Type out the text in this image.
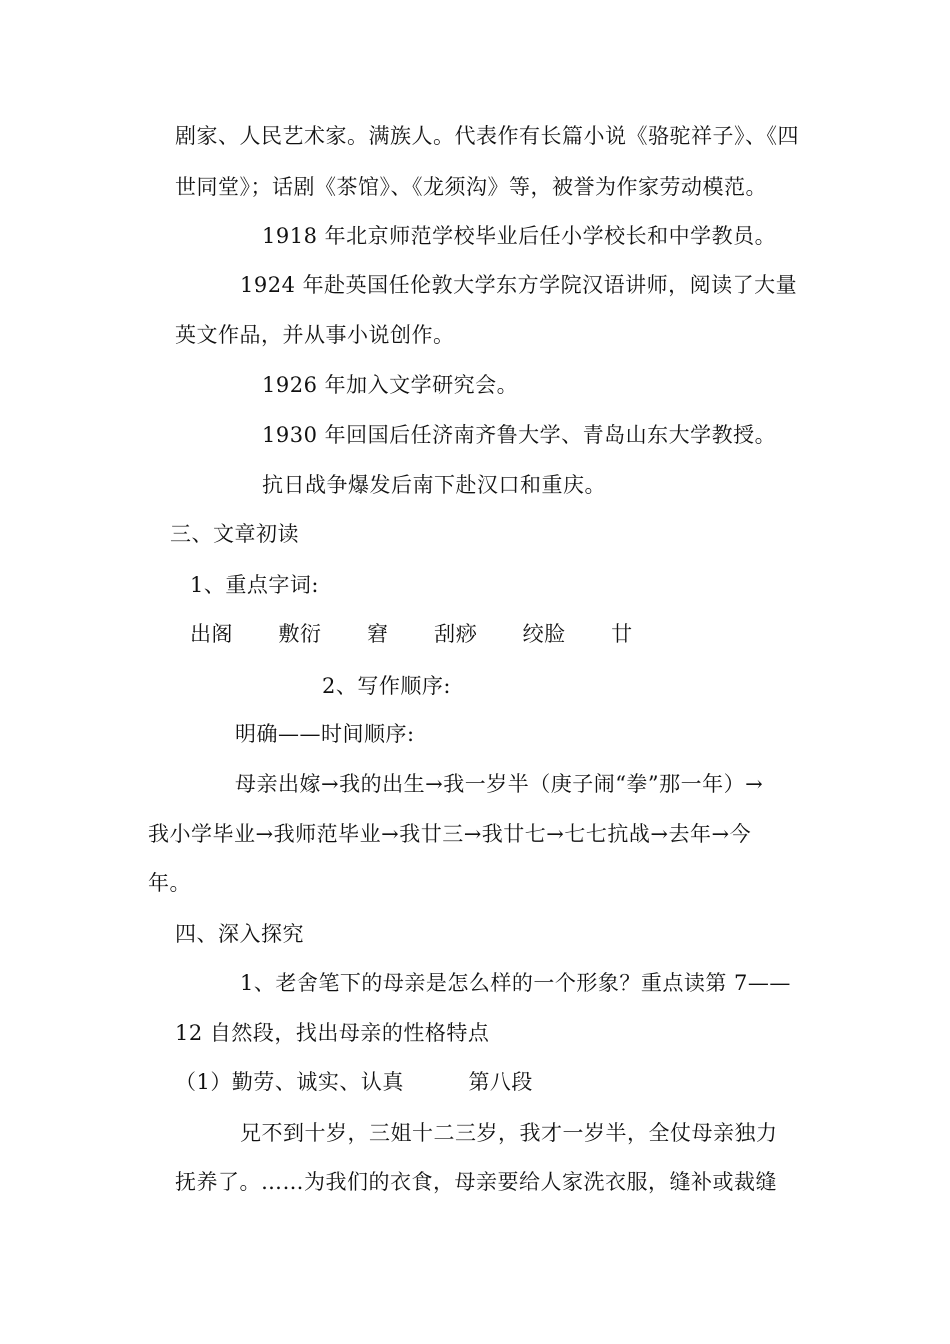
剧家、人民艺术家。满族人。代表作有长篇小说《骆驼祥子》、《四
世同堂》；话剧《茶馆》、《龙须沟》等，被誉为作家劳动模范。
1918 年北京师范学校毕业后任小学校长和中学教员。
1924 年赴英国任伦敦大学东方学院汉语讲师，阅读了大量
英文作品，并从事小说创作。
1926 年加入文学研究会。
1930 年回国后任济南齐鲁大学、青岛山东大学教授。
抗日战争爆发后南下赴汉口和重庆。
三、文章初读
1、重点字词:
出阁   敷衍   窘   刮痧   绞脸   廿
2、写作顺序:
明确——时间顺序:
母亲出嫁→我的出生→我一岁半（庚子闹“拳”那一年）→
我小学毕业→我师范毕业→我廿三→我廿七→七七抗战→去年→今
年。
四、深入探究
1、老舍笔下的母亲是怎么样的一个形象？重点读第 7——
12 自然段，找出母亲的性格特点
（1）勤劳、诚实、认真         第八段
兄不到十岁，三姐十二三岁，我才一岁半，全仗母亲独力
抚养了。……为我们的衣食，母亲要给人家洗衣服，缝补或裁缝
